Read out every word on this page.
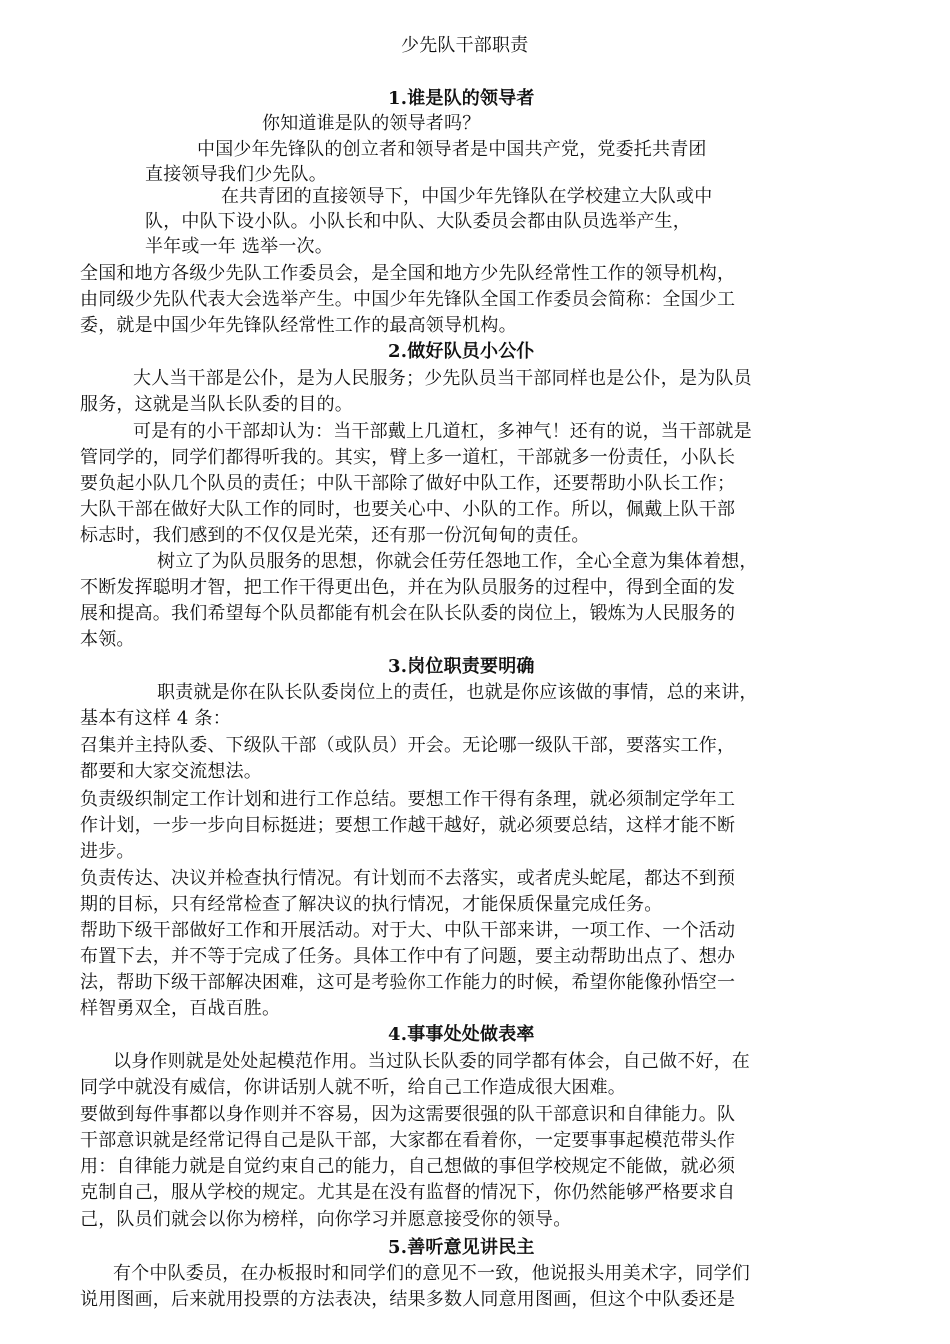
少先队干部职责

1.谁是队的领导者

你知道谁是队的领导者吗？

中国少年先锋队的创立者和领导者是中国共产党，党委托共青团

直接领导我们少先队。

在共青团的直接领导下，中国少年先锋队在学校建立大队或中

队，中队下设小队。小队长和中队、大队委员会都由队员选举产生，

半年或一年 选举一次。

全国和地方各级少先队工作委员会，是全国和地方少先队经常性工作的领导机构，

由同级少先队代表大会选举产生。中国少年先锋队全国工作委员会简称：全国少工

委，就是中国少年先锋队经常性工作的最高领导机构。

2.做好队员小公仆

大人当干部是公仆，是为人民服务；少先队员当干部同样也是公仆，是为队员

服务，这就是当队长队委的目的。

可是有的小干部却认为：当干部戴上几道杠，多神气！还有的说，当干部就是

管同学的，同学们都得听我的。其实，臂上多一道杠，干部就多一份责任，小队长

要负起小队几个队员的责任；中队干部除了做好中队工作，还要帮助小队长工作；

大队干部在做好大队工作的同时，也要关心中、小队的工作。所以，佩戴上队干部

标志时，我们感到的不仅仅是光荣，还有那一份沉甸甸的责任。

树立了为队员服务的思想，你就会任劳任怨地工作，全心全意为集体着想，

不断发挥聪明才智，把工作干得更出色，并在为队员服务的过程中，得到全面的发

展和提高。我们希望每个队员都能有机会在队长队委的岗位上，锻炼为人民服务的

本领。

3.岗位职责要明确

职责就是你在队长队委岗位上的责任，也就是你应该做的事情，总的来讲，

基本有这样 4 条：

召集并主持队委、下级队干部（或队员）开会。无论哪一级队干部，要落实工作，

都要和大家交流想法。

负责级织制定工作计划和进行工作总结。要想工作干得有条理，就必须制定学年工

作计划，一步一步向目标挺进；要想工作越干越好，就必须要总结，这样才能不断

进步。

负责传达、决议并检查执行情况。有计划而不去落实，或者虎头蛇尾，都达不到预

期的目标，只有经常检查了解决议的执行情况，才能保质保量完成任务。

帮助下级干部做好工作和开展活动。对于大、中队干部来讲，一项工作、一个活动

布置下去，并不等于完成了任务。具体工作中有了问题，要主动帮助出点了、想办

法，帮助下级干部解决困难，这可是考验你工作能力的时候，希望你能像孙悟空一

样智勇双全，百战百胜。

4.事事处处做表率

以身作则就是处处起模范作用。当过队长队委的同学都有体会，自己做不好，在

同学中就没有威信，你讲话别人就不听，给自己工作造成很大困难。

要做到每件事都以身作则并不容易，因为这需要很强的队干部意识和自律能力。队

干部意识就是经常记得自己是队干部，大家都在看着你，一定要事事起模范带头作

用：自律能力就是自觉约束自己的能力，自己想做的事但学校规定不能做，就必须

克制自己，服从学校的规定。尤其是在没有监督的情况下，你仍然能够严格要求自

己，队员们就会以你为榜样，向你学习并愿意接受你的领导。

5.善听意见讲民主

有个中队委员，在办板报时和同学们的意见不一致，他说报头用美术字，同学们

说用图画，后来就用投票的方法表决，结果多数人同意用图画，但这个中队委还是
